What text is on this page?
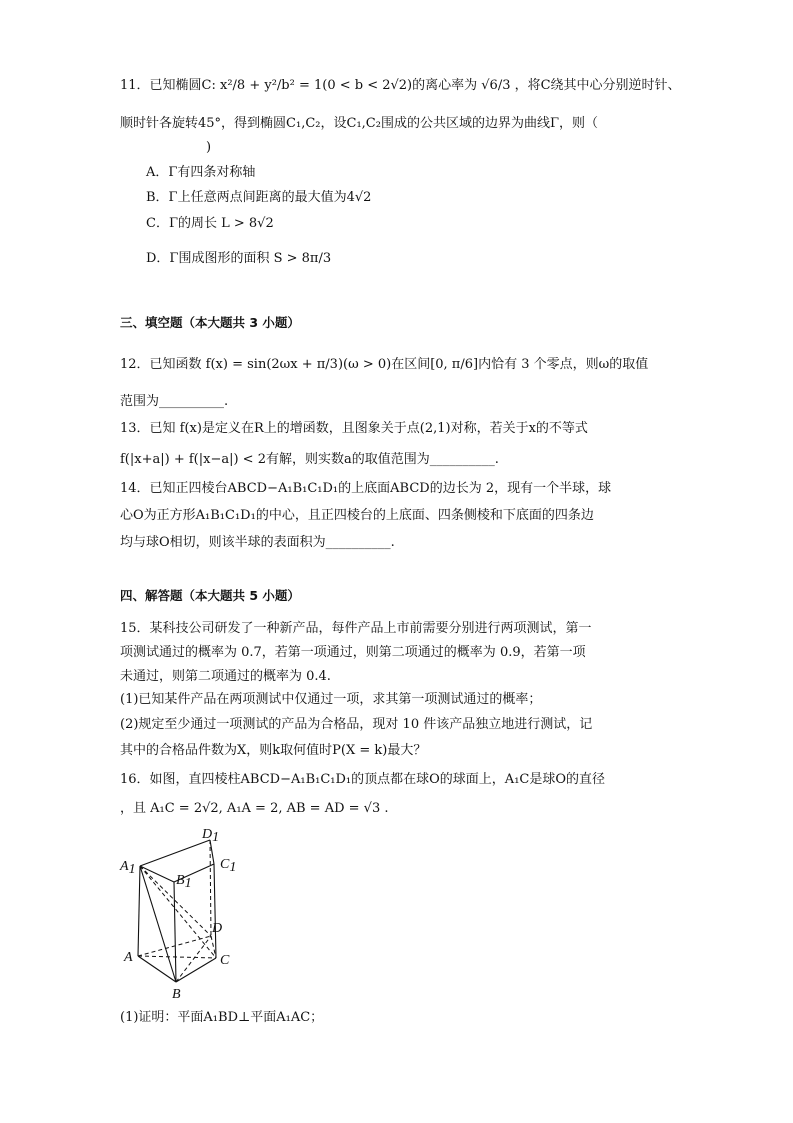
11．已知椭圆C: x²/8 + y²/b² = 1(0 < b < 2√2)的离心率为 √6/3 ，将C绕其中心分别逆时针、
顺时针各旋转45°，得到椭圆C₁,C₂，设C₁,C₂围成的公共区域的边界为曲线Γ，则（
)
A．Γ有四条对称轴
B．Γ上任意两点间距离的最大值为4√2
C．Γ的周长 L > 8√2
D．Γ围成图形的面积 S > 8π/3
三、填空题（本大题共 3 小题）
12．已知函数 f(x) = sin(2ωx + π/3)(ω > 0)在区间[0, π/6]内恰有 3 个零点，则ω的取值
范围为__________.
13．已知 f(x)是定义在R上的增函数，且图象关于点(2,1)对称，若关于x的不等式
f(|x+a|) + f(|x−a|) < 2有解，则实数a的取值范围为__________.
14．已知正四棱台ABCD−A₁B₁C₁D₁的上底面ABCD的边长为 2，现有一个半球，球
心O为正方形A₁B₁C₁D₁的中心，且正四棱台的上底面、四条侧棱和下底面的四条边
均与球O相切，则该半球的表面积为__________.
四、解答题（本大题共 5 小题）
15．某科技公司研发了一种新产品，每件产品上市前需要分别进行两项测试，第一
项测试通过的概率为 0.7，若第一项通过，则第二项通过的概率为 0.9，若第一项
未通过，则第二项通过的概率为 0.4.
(1)已知某件产品在两项测试中仅通过一项，求其第一项测试通过的概率；
(2)规定至少通过一项测试的产品为合格品，现对 10 件该产品独立地进行测试，记
其中的合格品件数为X，则k取何值时P(X = k)最大？
16．如图，直四棱柱ABCD−A₁B₁C₁D₁的顶点都在球O的球面上，A₁C是球O的直径
，且 A₁C = 2√2, A₁A = 2, AB = AD = √3 .
D1
C1
A1
B1
D
A	C
B
(1)证明：平面A₁BD⊥平面A₁AC；
